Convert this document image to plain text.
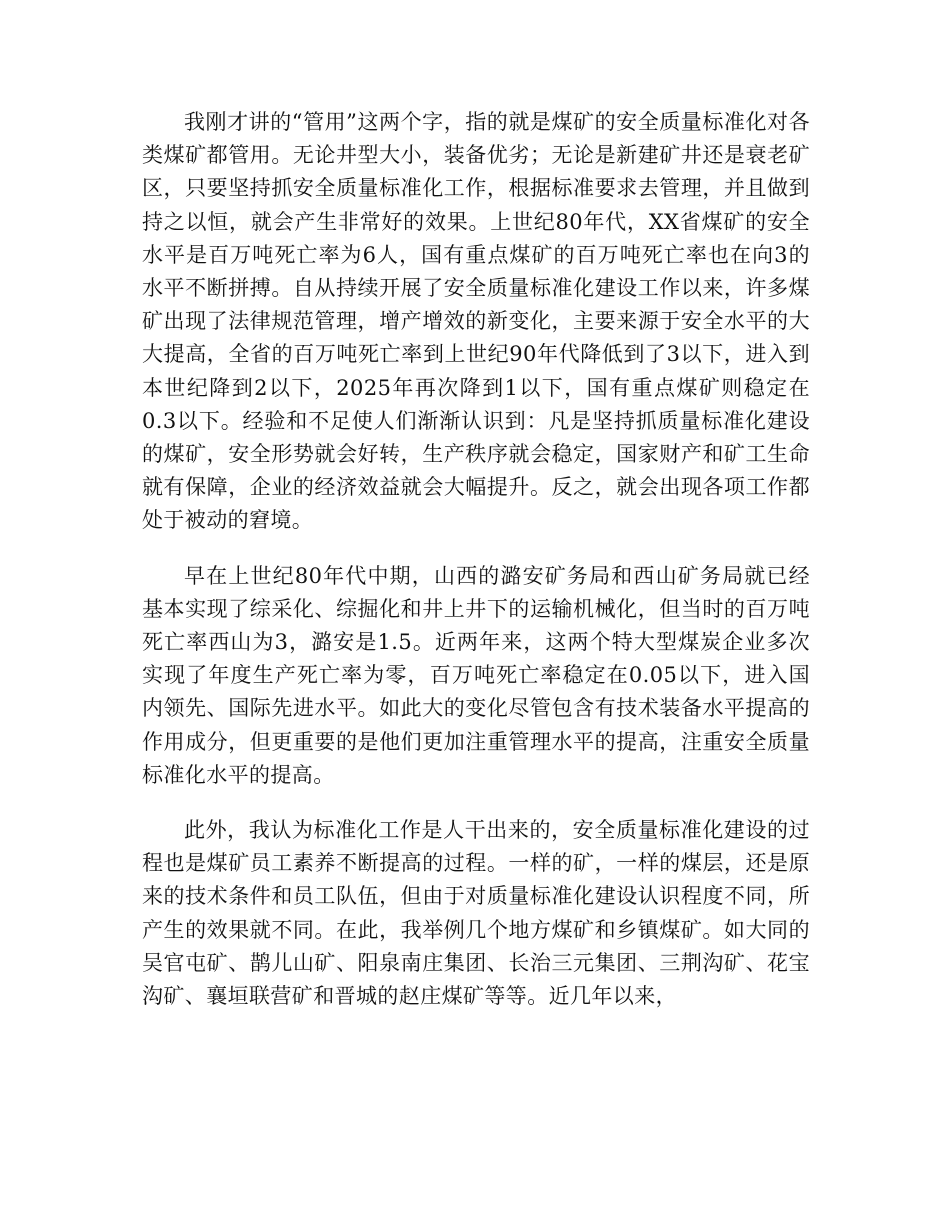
我刚才讲的“管用”这两个字，指的就是煤矿的安全质量标准化对各类煤矿都管用。无论井型大小，装备优劣；无论是新建矿井还是衰老矿区，只要坚持抓安全质量标准化工作，根据标准要求去管理，并且做到持之以恒，就会产生非常好的效果。上世纪80年代，XX省煤矿的安全水平是百万吨死亡率为6人，国有重点煤矿的百万吨死亡率也在向3的水平不断拼搏。自从持续开展了安全质量标准化建设工作以来，许多煤矿出现了法律规范管理，增产增效的新变化，主要来源于安全水平的大大提高，全省的百万吨死亡率到上世纪90年代降低到了3以下，进入到本世纪降到2以下，2025年再次降到1以下，国有重点煤矿则稳定在0.3以下。经验和不足使人们渐渐认识到：凡是坚持抓质量标准化建设的煤矿，安全形势就会好转，生产秩序就会稳定，国家财产和矿工生命就有保障，企业的经济效益就会大幅提升。反之，就会出现各项工作都处于被动的窘境。

早在上世纪80年代中期，山西的潞安矿务局和西山矿务局就已经基本实现了综采化、综掘化和井上井下的运输机械化，但当时的百万吨死亡率西山为3，潞安是1.5。近两年来，这两个特大型煤炭企业多次实现了年度生产死亡率为零，百万吨死亡率稳定在0.05以下，进入国内领先、国际先进水平。如此大的变化尽管包含有技术装备水平提高的作用成分，但更重要的是他们更加注重管理水平的提高，注重安全质量标准化水平的提高。

此外，我认为标准化工作是人干出来的，安全质量标准化建设的过程也是煤矿员工素养不断提高的过程。一样的矿，一样的煤层，还是原来的技术条件和员工队伍，但由于对质量标准化建设认识程度不同，所产生的效果就不同。在此，我举例几个地方煤矿和乡镇煤矿。如大同的吴官屯矿、鹊儿山矿、阳泉南庄集团、长治三元集团、三荆沟矿、花宝沟矿、襄垣联营矿和晋城的赵庄煤矿等等。近几年以来，
